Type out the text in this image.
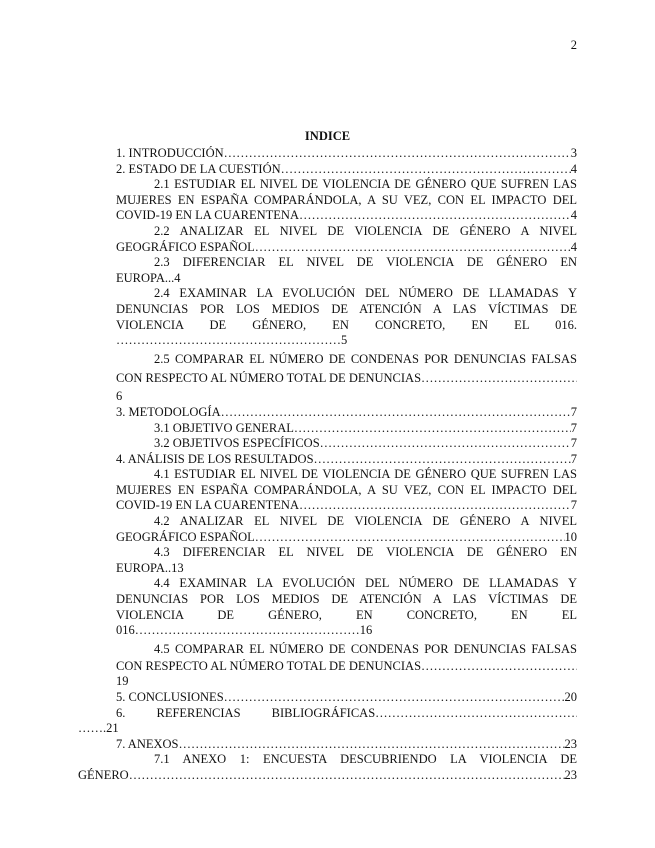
2
INDICE
1. INTRODUCCIÓN ………………………………………………………………………………………………………………………………………	3
2. ESTADO DE LA CUESTIÓN ………………………………………………………………………………………………………………………………………	4
2.1 ESTUDIAR EL NIVEL DE VIOLENCIA DE GÉNERO QUE SUFREN LAS
MUJERES EN ESPAÑA COMPARÁNDOLA, A SU VEZ, CON EL IMPACTO DEL
COVID-19 EN LA CUARENTENA ………………………………………………………………………………………………………………………………………	4
2.2 ANALIZAR EL NIVEL DE VIOLENCIA DE GÉNERO A NIVEL
GEOGRÁFICO ESPAÑOL ………………………………………………………………………………………………………………………………………	4
2.3 DIFERENCIAR EL NIVEL DE VIOLENCIA DE GÉNERO EN
EUROPA...4
2.4 EXAMINAR LA EVOLUCIÓN DEL NÚMERO DE LLAMADAS Y
DENUNCIAS POR LOS MEDIOS DE ATENCIÓN A LAS VÍCTIMAS DE
VIOLENCIA DE GÉNERO, EN CONCRETO, EN EL 016.
………………………………………………5
2.5 COMPARAR EL NÚMERO DE CONDENAS POR DENUNCIAS FALSAS
CON RESPECTO AL NÚMERO TOTAL DE DENUNCIAS
………………………………………………………………………………………………………………………………………
6
3. METODOLOGÍA ………………………………………………………………………………………………………………………………………	7
3.1 OBJETIVO GENERAL ………………………………………………………………………………………………………………………………………	7
3.2 OBJETIVOS ESPECÍFICOS ………………………………………………………………………………………………………………………………………	7
4. ANÁLISIS DE LOS RESULTADOS ………………………………………………………………………………………………………………………………………	7
4.1 ESTUDIAR EL NIVEL DE VIOLENCIA DE GÉNERO QUE SUFREN LAS
MUJERES EN ESPAÑA COMPARÁNDOLA, A SU VEZ, CON EL IMPACTO DEL
COVID-19 EN LA CUARENTENA ………………………………………………………………………………………………………………………………………	7
4.2 ANALIZAR EL NIVEL DE VIOLENCIA DE GÉNERO A NIVEL
GEOGRÁFICO ESPAÑOL ………………………………………………………………………………………………………………………………………	10
4.3 DIFERENCIAR EL NIVEL DE VIOLENCIA DE GÉNERO EN
EUROPA..13
4.4 EXAMINAR LA EVOLUCIÓN DEL NÚMERO DE LLAMADAS Y
DENUNCIAS POR LOS MEDIOS DE ATENCIÓN A LAS VÍCTIMAS DE
VIOLENCIA DE GÉNERO, EN CONCRETO, EN EL
016………………………………………………16
4.5 COMPARAR EL NÚMERO DE CONDENAS POR DENUNCIAS FALSAS
CON RESPECTO AL NÚMERO TOTAL DE DENUNCIAS
………………………………………………………………………………………………………………………………………
19
5. CONCLUSIONES ………………………………………………………………………………………………………………………………………	20
6. REFERENCIAS BIBLIOGRÁFICAS
………………………………………………………………………………………………………………………………………
…….21
7. ANEXOS ………………………………………………………………………………………………………………………………………	23
7.1 ANEXO 1: ENCUESTA DESCUBRIENDO LA VIOLENCIA DE
GÉNERO ………………………………………………………………………………………………………………………………………	23
